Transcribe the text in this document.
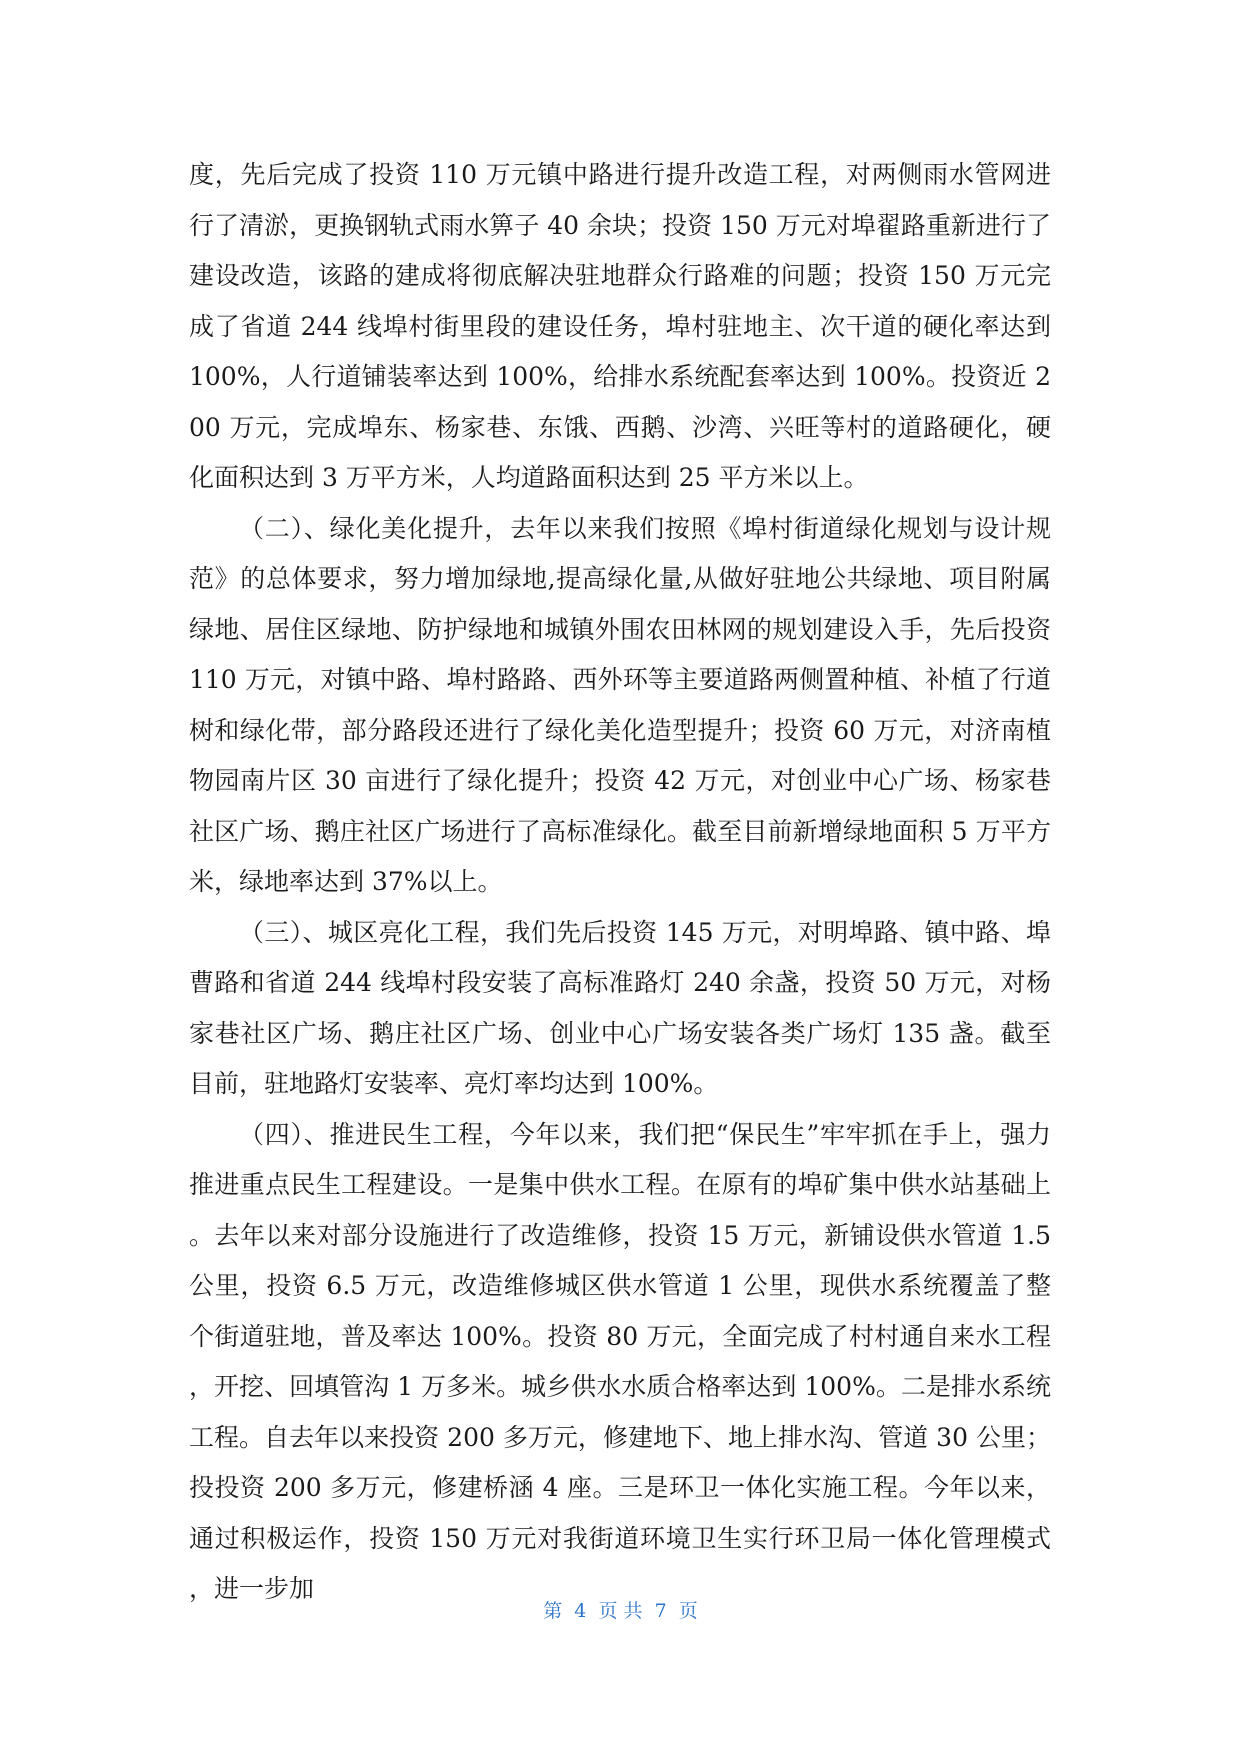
度，先后完成了投资 110 万元镇中路进行提升改造工程，对两侧雨水管网进行了清淤，更换钢轨式雨水箅子 40 余块；投资 150 万元对埠翟路重新进行了建设改造，该路的建成将彻底解决驻地群众行路难的问题；投资 150 万元完成了省道 244 线埠村街里段的建设任务，埠村驻地主、次干道的硬化率达到 100%，人行道铺装率达到 100%，给排水系统配套率达到 100%。投资近 200 万元，完成埠东、杨家巷、东饿、西鹅、沙湾、兴旺等村的道路硬化，硬化面积达到 3 万平方米，人均道路面积达到 25 平方米以上。

（二）、绿化美化提升，去年以来我们按照《埠村街道绿化规划与设计规范》的总体要求，努力增加绿地,提高绿化量,从做好驻地公共绿地、项目附属绿地、居住区绿地、防护绿地和城镇外围农田林网的规划建设入手，先后投资 110 万元，对镇中路、埠村路路、西外环等主要道路两侧置种植、补植了行道树和绿化带，部分路段还进行了绿化美化造型提升；投资 60 万元，对济南植物园南片区 30 亩进行了绿化提升；投资 42 万元，对创业中心广场、杨家巷社区广场、鹅庄社区广场进行了高标准绿化。截至目前新增绿地面积 5 万平方米，绿地率达到 37%以上。

（三）、城区亮化工程，我们先后投资 145 万元，对明埠路、镇中路、埠曹路和省道 244 线埠村段安装了高标准路灯 240 余盏，投资 50 万元，对杨家巷社区广场、鹅庄社区广场、创业中心广场安装各类广场灯 135 盏。截至目前，驻地路灯安装率、亮灯率均达到 100%。

（四）、推进民生工程，今年以来，我们把“保民生”牢牢抓在手上，强力推进重点民生工程建设。一是集中供水工程。在原有的埠矿集中供水站基础上。去年以来对部分设施进行了改造维修，投资 15 万元，新铺设供水管道 1.5 公里，投资 6.5 万元，改造维修城区供水管道 1 公里，现供水系统覆盖了整个街道驻地，普及率达 100%。投资 80 万元，全面完成了村村通自来水工程，开挖、回填管沟 1 万多米。城乡供水水质合格率达到 100%。二是排水系统工程。自去年以来投资 200 多万元，修建地下、地上排水沟、管道 30 公里；投投资 200 多万元，修建桥涵 4 座。三是环卫一体化实施工程。今年以来，通过积极运作，投资 150 万元对我街道环境卫生实行环卫局一体化管理模式，进一步加

第  4  页 共  7  页
